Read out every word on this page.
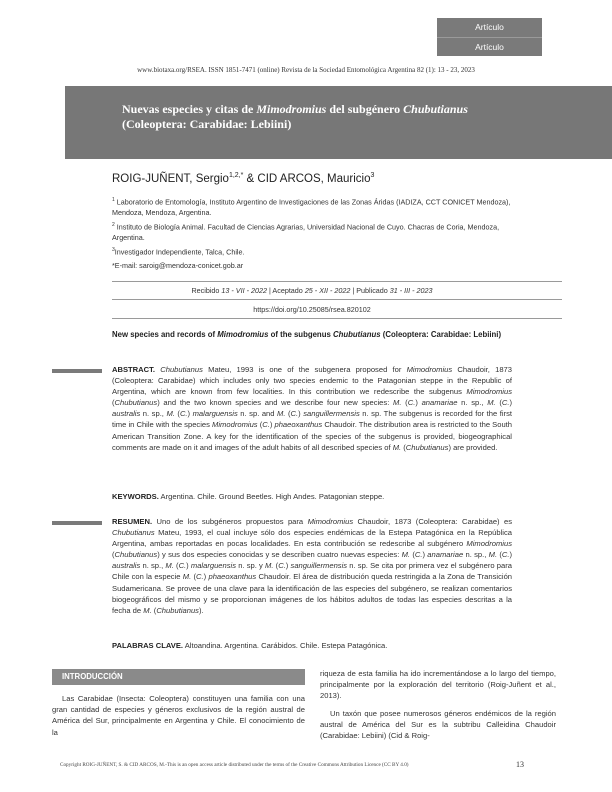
Artículo
Artículo
www.biotaxa.org/RSEA. ISSN 1851-7471 (online) Revista de la Sociedad Entomológica Argentina 82 (1): 13 - 23, 2023
Nuevas especies y citas de Mimodromius del subgénero Chubutianus
(Coleoptera: Carabidae: Lebiini)
ROIG-JUÑENT, Sergio$^{1,2,*}$ & CID ARCOS, Mauricio$^3$
$^1$ Laboratorio de Entomología, Instituto Argentino de Investigaciones de las Zonas Áridas (IADIZA, CCT CONICET Mendoza), Mendoza, Mendoza, Argentina.
$^2$ Instituto de Biología Animal. Facultad de Ciencias Agrarias, Universidad Nacional de Cuyo. Chacras de Coria, Mendoza, Argentina.
$^3$Investigador Independiente, Talca, Chile.
*E-mail: saroig@mendoza-conicet.gob.ar
Recibido 13 - VII - 2022 | Aceptado 25 - XII - 2022 | Publicado 31 - III - 2023
https://doi.org/10.25085/rsea.820102
New species and records of Mimodromius of the subgenus Chubutianus (Coleoptera: Carabidae: Lebiini)
ABSTRACT. Chubutianus Mateu, 1993 is one of the subgenera proposed for Mimodromius Chaudoir, 1873 (Coleoptera: Carabidae) which includes only two species endemic to the Patagonian steppe in the Republic of Argentina, which are known from few localities. In this contribution we redescribe the subgenus Mimodromius (Chubutianus) and the two known species and we describe four new species: M. (C.) anamariae n. sp., M. (C.) australis n. sp., M. (C.) malarguensis n. sp. and M. (C.) sanguillermensis n. sp. The subgenus is recorded for the first time in Chile with the species Mimodromius (C.) phaeoxanthus Chaudoir. The distribution area is restricted to the South American Transition Zone. A key for the identification of the species of the subgenus is provided, biogeographical comments are made on it and images of the adult habits of all described species of M. (Chubutianus) are provided.
KEYWORDS. Argentina. Chile. Ground Beetles. High Andes. Patagonian steppe.
RESUMEN. Uno de los subgéneros propuestos para Mimodromius Chaudoir, 1873 (Coleoptera: Carabidae) es Chubutianus Mateu, 1993, el cual incluye sólo dos especies endémicas de la Estepa Patagónica en la República Argentina, ambas reportadas en pocas localidades. En esta contribución se redescribe al subgénero Mimodromius (Chubutianus) y sus dos especies conocidas y se describen cuatro nuevas especies: M. (C.) anamariae n. sp., M. (C.) australis n. sp., M. (C.) malarguensis n. sp. y M. (C.) sanguillermensis n. sp. Se cita por primera vez el subgénero para Chile con la especie M. (C.) phaeoxanthus Chaudoir. El área de distribución queda restringida a la Zona de Transición Sudamericana. Se provee de una clave para la identificación de las especies del subgénero, se realizan comentarios biogeográficos del mismo y se proporcionan imágenes de los hábitos adultos de todas las especies descritas a la fecha de M. (Chubutianus).
PALABRAS CLAVE. Altoandina. Argentina. Carábidos. Chile. Estepa Patagónica.
INTRODUCCIÓN
Las Carabidae (Insecta: Coleoptera) constituyen una familia con una gran cantidad de especies y géneros exclusivos de la región austral de América del Sur, principalmente en Argentina y Chile. El conocimiento de la
riqueza de esta familia ha ido incrementándose a lo largo del tiempo, principalmente por la exploración del territorio (Roig-Juñent et al., 2013).
Un taxón que posee numerosos géneros endémicos de la región austral de América del Sur es la subtribu Calleidina Chaudoir (Carabidae: Lebiini) (Cid & Roig-
Copyright ROIG-JUÑENT, S. & CID ARCOS, M.-This is an open access article distributed under the terms of the Creative Commons Attribution Licence (CC BY 4.0)	13
